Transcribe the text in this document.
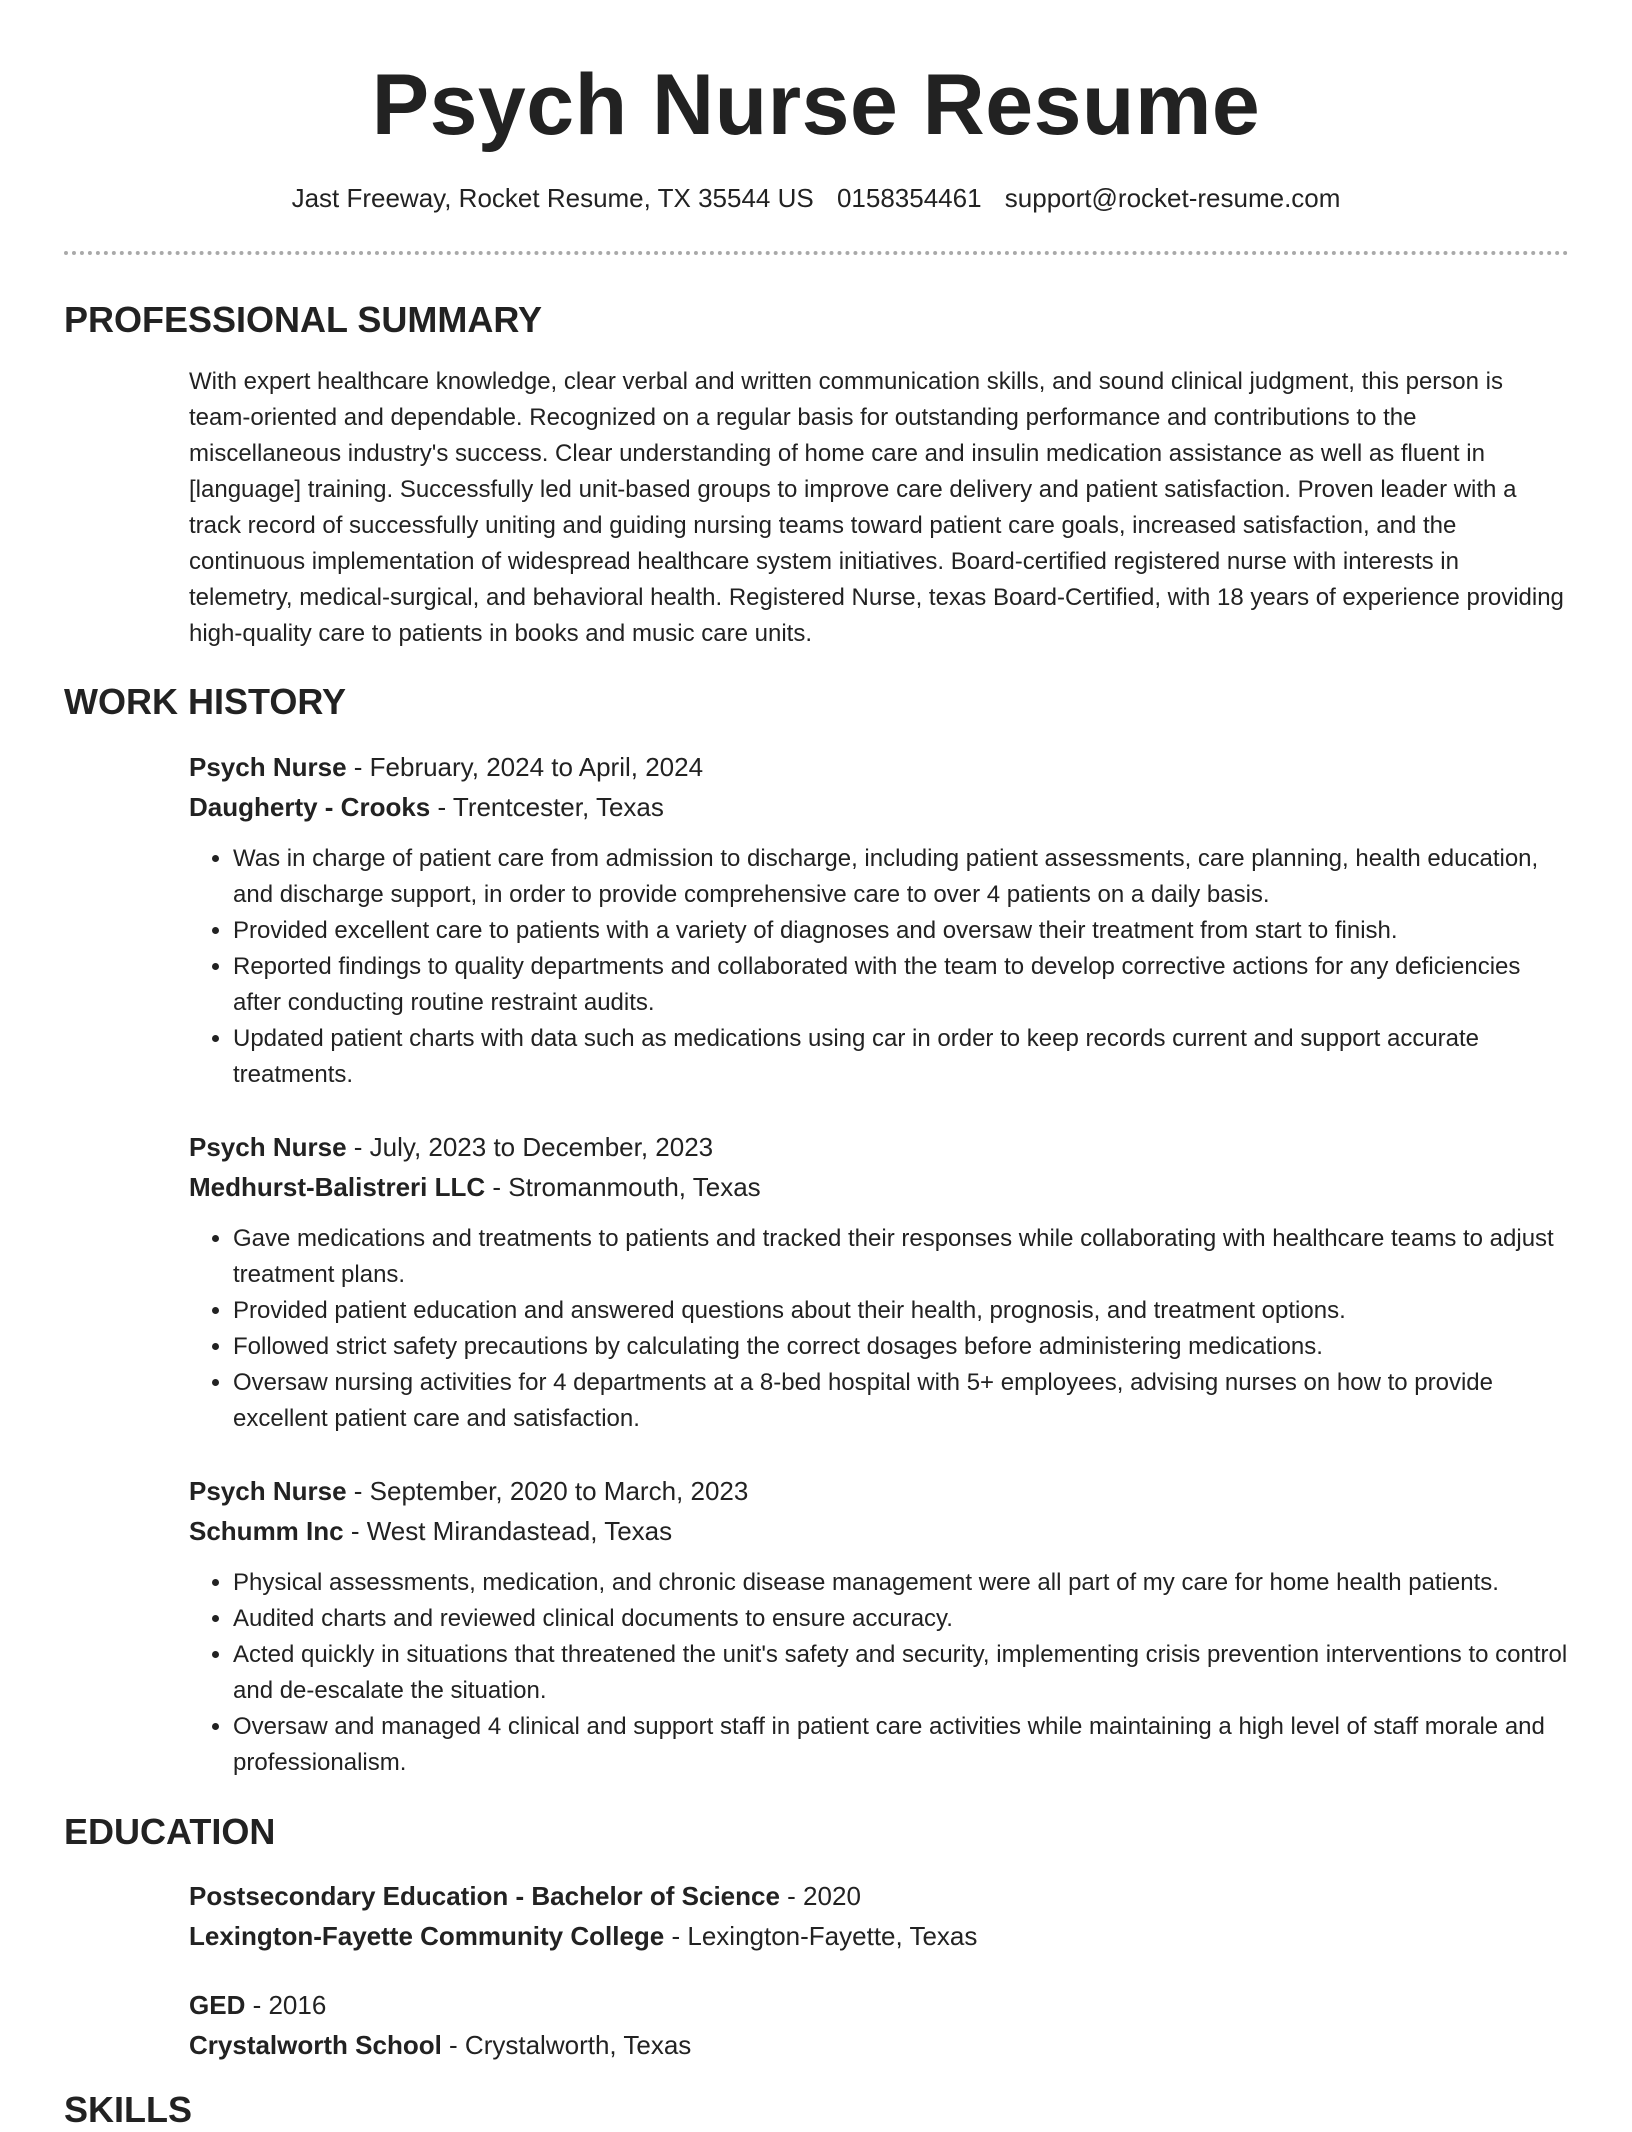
Psych Nurse Resume
Jast Freeway, Rocket Resume, TX 35544 US 0158354461 support@rocket-resume.com
PROFESSIONAL SUMMARY
With expert healthcare knowledge, clear verbal and written communication skills, and sound clinical judgment, this person is team-oriented and dependable. Recognized on a regular basis for outstanding performance and contributions to the miscellaneous industry's success. Clear understanding of home care and insulin medication assistance as well as fluent in [language] training. Successfully led unit-based groups to improve care delivery and patient satisfaction. Proven leader with a track record of successfully uniting and guiding nursing teams toward patient care goals, increased satisfaction, and the continuous implementation of widespread healthcare system initiatives. Board-certified registered nurse with interests in telemetry, medical-surgical, and behavioral health. Registered Nurse, texas Board-Certified, with 18 years of experience providing high-quality care to patients in books and music care units.
WORK HISTORY
Psych Nurse - February, 2024 to April, 2024
Daugherty - Crooks - Trentcester, Texas
• Was in charge of patient care from admission to discharge, including patient assessments, care planning, health education, and discharge support, in order to provide comprehensive care to over 4 patients on a daily basis.
• Provided excellent care to patients with a variety of diagnoses and oversaw their treatment from start to finish.
• Reported findings to quality departments and collaborated with the team to develop corrective actions for any deficiencies after conducting routine restraint audits.
• Updated patient charts with data such as medications using car in order to keep records current and support accurate treatments.
Psych Nurse - July, 2023 to December, 2023
Medhurst-Balistreri LLC - Stromanmouth, Texas
• Gave medications and treatments to patients and tracked their responses while collaborating with healthcare teams to adjust treatment plans.
• Provided patient education and answered questions about their health, prognosis, and treatment options.
• Followed strict safety precautions by calculating the correct dosages before administering medications.
• Oversaw nursing activities for 4 departments at a 8-bed hospital with 5+ employees, advising nurses on how to provide excellent patient care and satisfaction.
Psych Nurse - September, 2020 to March, 2023
Schumm Inc - West Mirandastead, Texas
• Physical assessments, medication, and chronic disease management were all part of my care for home health patients.
• Audited charts and reviewed clinical documents to ensure accuracy.
• Acted quickly in situations that threatened the unit's safety and security, implementing crisis prevention interventions to control and de-escalate the situation.
• Oversaw and managed 4 clinical and support staff in patient care activities while maintaining a high level of staff morale and professionalism.
EDUCATION
Postsecondary Education - Bachelor of Science - 2020
Lexington-Fayette Community College - Lexington-Fayette, Texas
GED - 2016
Crystalworth School - Crystalworth, Texas
SKILLS
